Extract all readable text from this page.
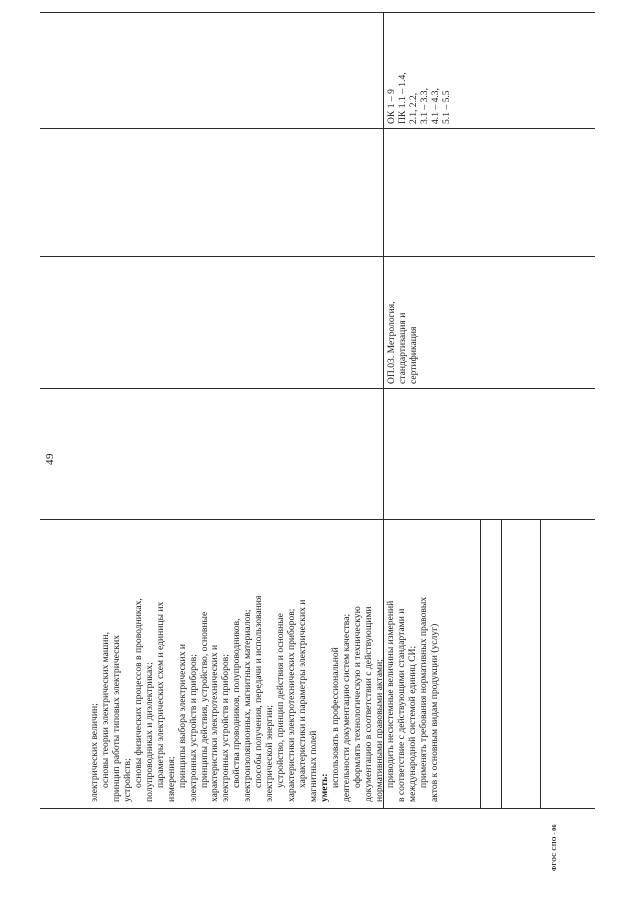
49
электрических величин; основы теории электрических машин, принцип работы типовых электрических устройств; основы физических процессов в проводниках, полупроводниках и диэлектриках; параметры электрических схем и единицы их измерения; принципы выбора электрических и электронных устройств и приборов; принципы действия, устройство, основные характеристики электротехнических и электронных устройств и приборов; свойства проводников, полупроводников, электроизоляционных, магнитных материалов; способы получения, передачи и использования электрической энергии; устройство, принцип действия и основные характеристики электротехнических приборов; характеристики и параметры электрических и магнитных полей уметь: использовать в профессиональной деятельности документацию систем качества; оформлять технологическую и техническую документацию в соответствии с действующими нормативными правовыми актами; приводить несистемные величины измерений в соответствие с действующими стандартами и международной системой единиц СИ; применять требования нормативных правовых актов к основным видам продукции (услуг)
ОП.03. Метрология, стандартизация и сертификация
ОК 1 – 9 ПК 1.1 – 1.4, 2.1, 2.2, 3.1 – 3.3, 4.1 – 4.3, 5.1 – 5.5
ФГОС СПО - 06
